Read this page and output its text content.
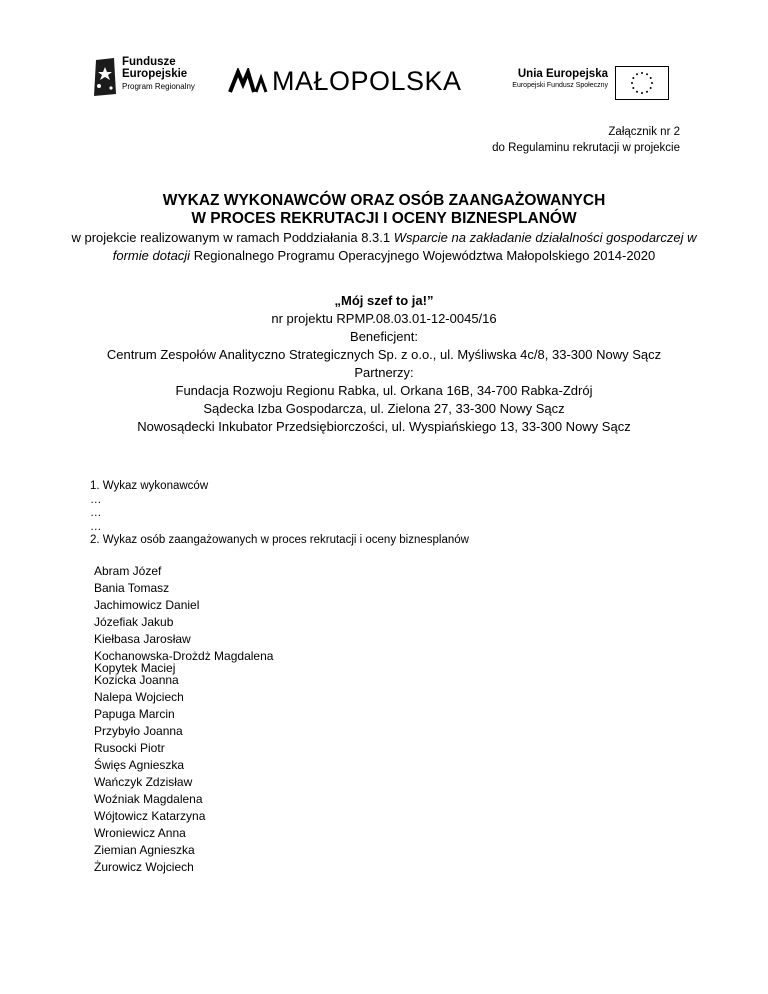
Fundusze
Europejskie
Program Regionalny	MAŁOPOLSKA	Unia Europejska
Europejski Fundusz Społeczny
Załącznik nr 2
do Regulaminu rekrutacji w projekcie
WYKAZ WYKONAWCÓW ORAZ OSÓB ZAANGAŻOWANYCH
W PROCES REKRUTACJI I OCENY BIZNESPLANÓW
w projekcie realizowanym w ramach Poddziałania 8.3.1 Wsparcie na zakładanie działalności gospodarczej w formie dotacji Regionalnego Programu Operacyjnego Województwa Małopolskiego 2014-2020
„Mój szef to ja!”
nr projektu RPMP.08.03.01-12-0045/16
Beneficjent:
Centrum Zespołów Analityczno Strategicznych Sp. z o.o., ul. Myśliwska 4c/8, 33-300 Nowy Sącz
Partnerzy:
Fundacja Rozwoju Regionu Rabka, ul. Orkana 16B, 34-700 Rabka-Zdrój
Sądecka Izba Gospodarcza, ul. Zielona 27, 33-300 Nowy Sącz
Nowosądecki Inkubator Przedsiębiorczości, ul. Wyspiańskiego 13, 33-300 Nowy Sącz
1. Wykaz wykonawców
…
…
…
2. Wykaz osób zaangażowanych w proces rekrutacji i oceny biznesplanów
Abram Józef
Bania Tomasz
Jachimowicz Daniel
Józefiak Jakub
Kiełbasa Jarosław
Kochanowska-Drożdż Magdalena
Kopytek Maciej
Kozicka Joanna
Nalepa Wojciech
Papuga Marcin
Przybyło Joanna
Rusocki Piotr
Święs Agnieszka
Wańczyk Zdzisław
Woźniak Magdalena
Wójtowicz Katarzyna
Wroniewicz Anna
Ziemian Agnieszka
Żurowicz Wojciech
